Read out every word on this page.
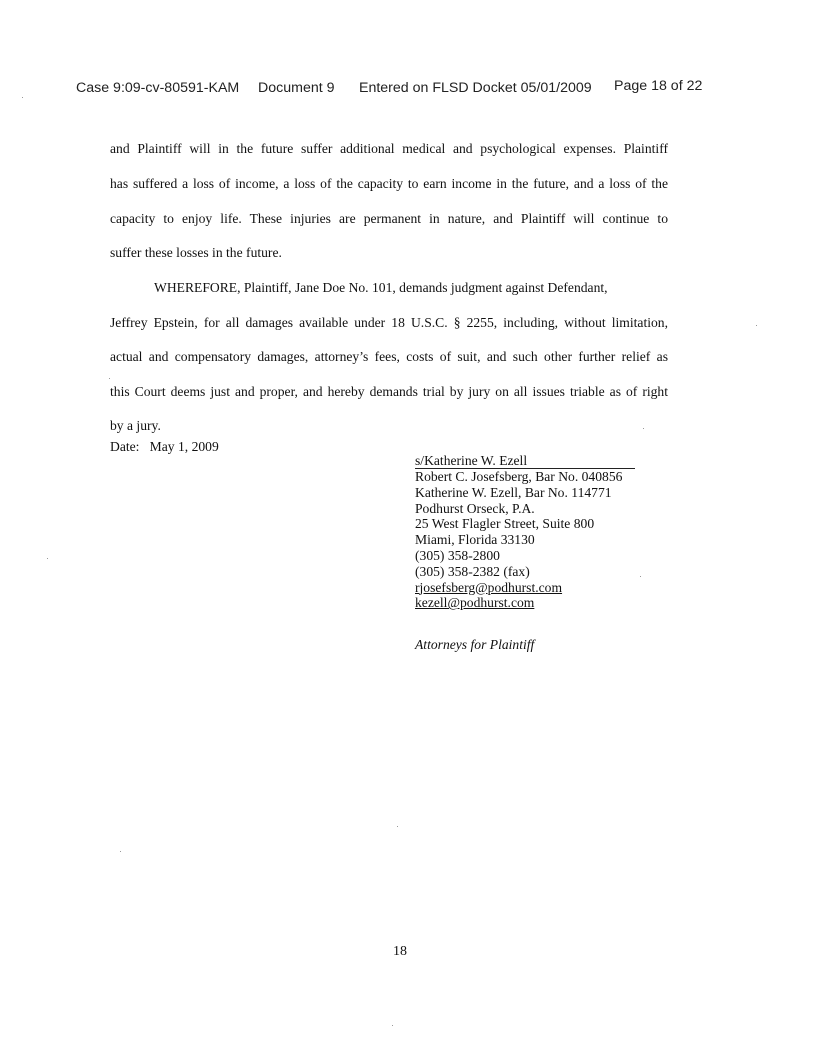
Case 9:09-cv-80591-KAM Document 9 Entered on FLSD Docket 05/01/2009 Page 18 of 22
and Plaintiff will in the future suffer additional medical and psychological expenses. Plaintiff
has suffered a loss of income, a loss of the capacity to earn income in the future, and a loss of the
capacity to enjoy life. These injuries are permanent in nature, and Plaintiff will continue to
suffer these losses in the future.
WHEREFORE, Plaintiff, Jane Doe No. 101, demands judgment against Defendant,
Jeffrey Epstein, for all damages available under 18 U.S.C. § 2255, including, without limitation,
actual and compensatory damages, attorney’s fees, costs of suit, and such other further relief as
this Court deems just and proper, and hereby demands trial by jury on all issues triable as of right
by a jury.
Date: May 1, 2009
s/Katherine W. Ezell
Robert C. Josefsberg, Bar No. 040856
Katherine W. Ezell, Bar No. 114771
Podhurst Orseck, P.A.
25 West Flagler Street, Suite 800
Miami, Florida 33130
(305) 358-2800
(305) 358-2382 (fax)
rjosefsberg@podhurst.com
kezell@podhurst.com
Attorneys for Plaintiff
18
